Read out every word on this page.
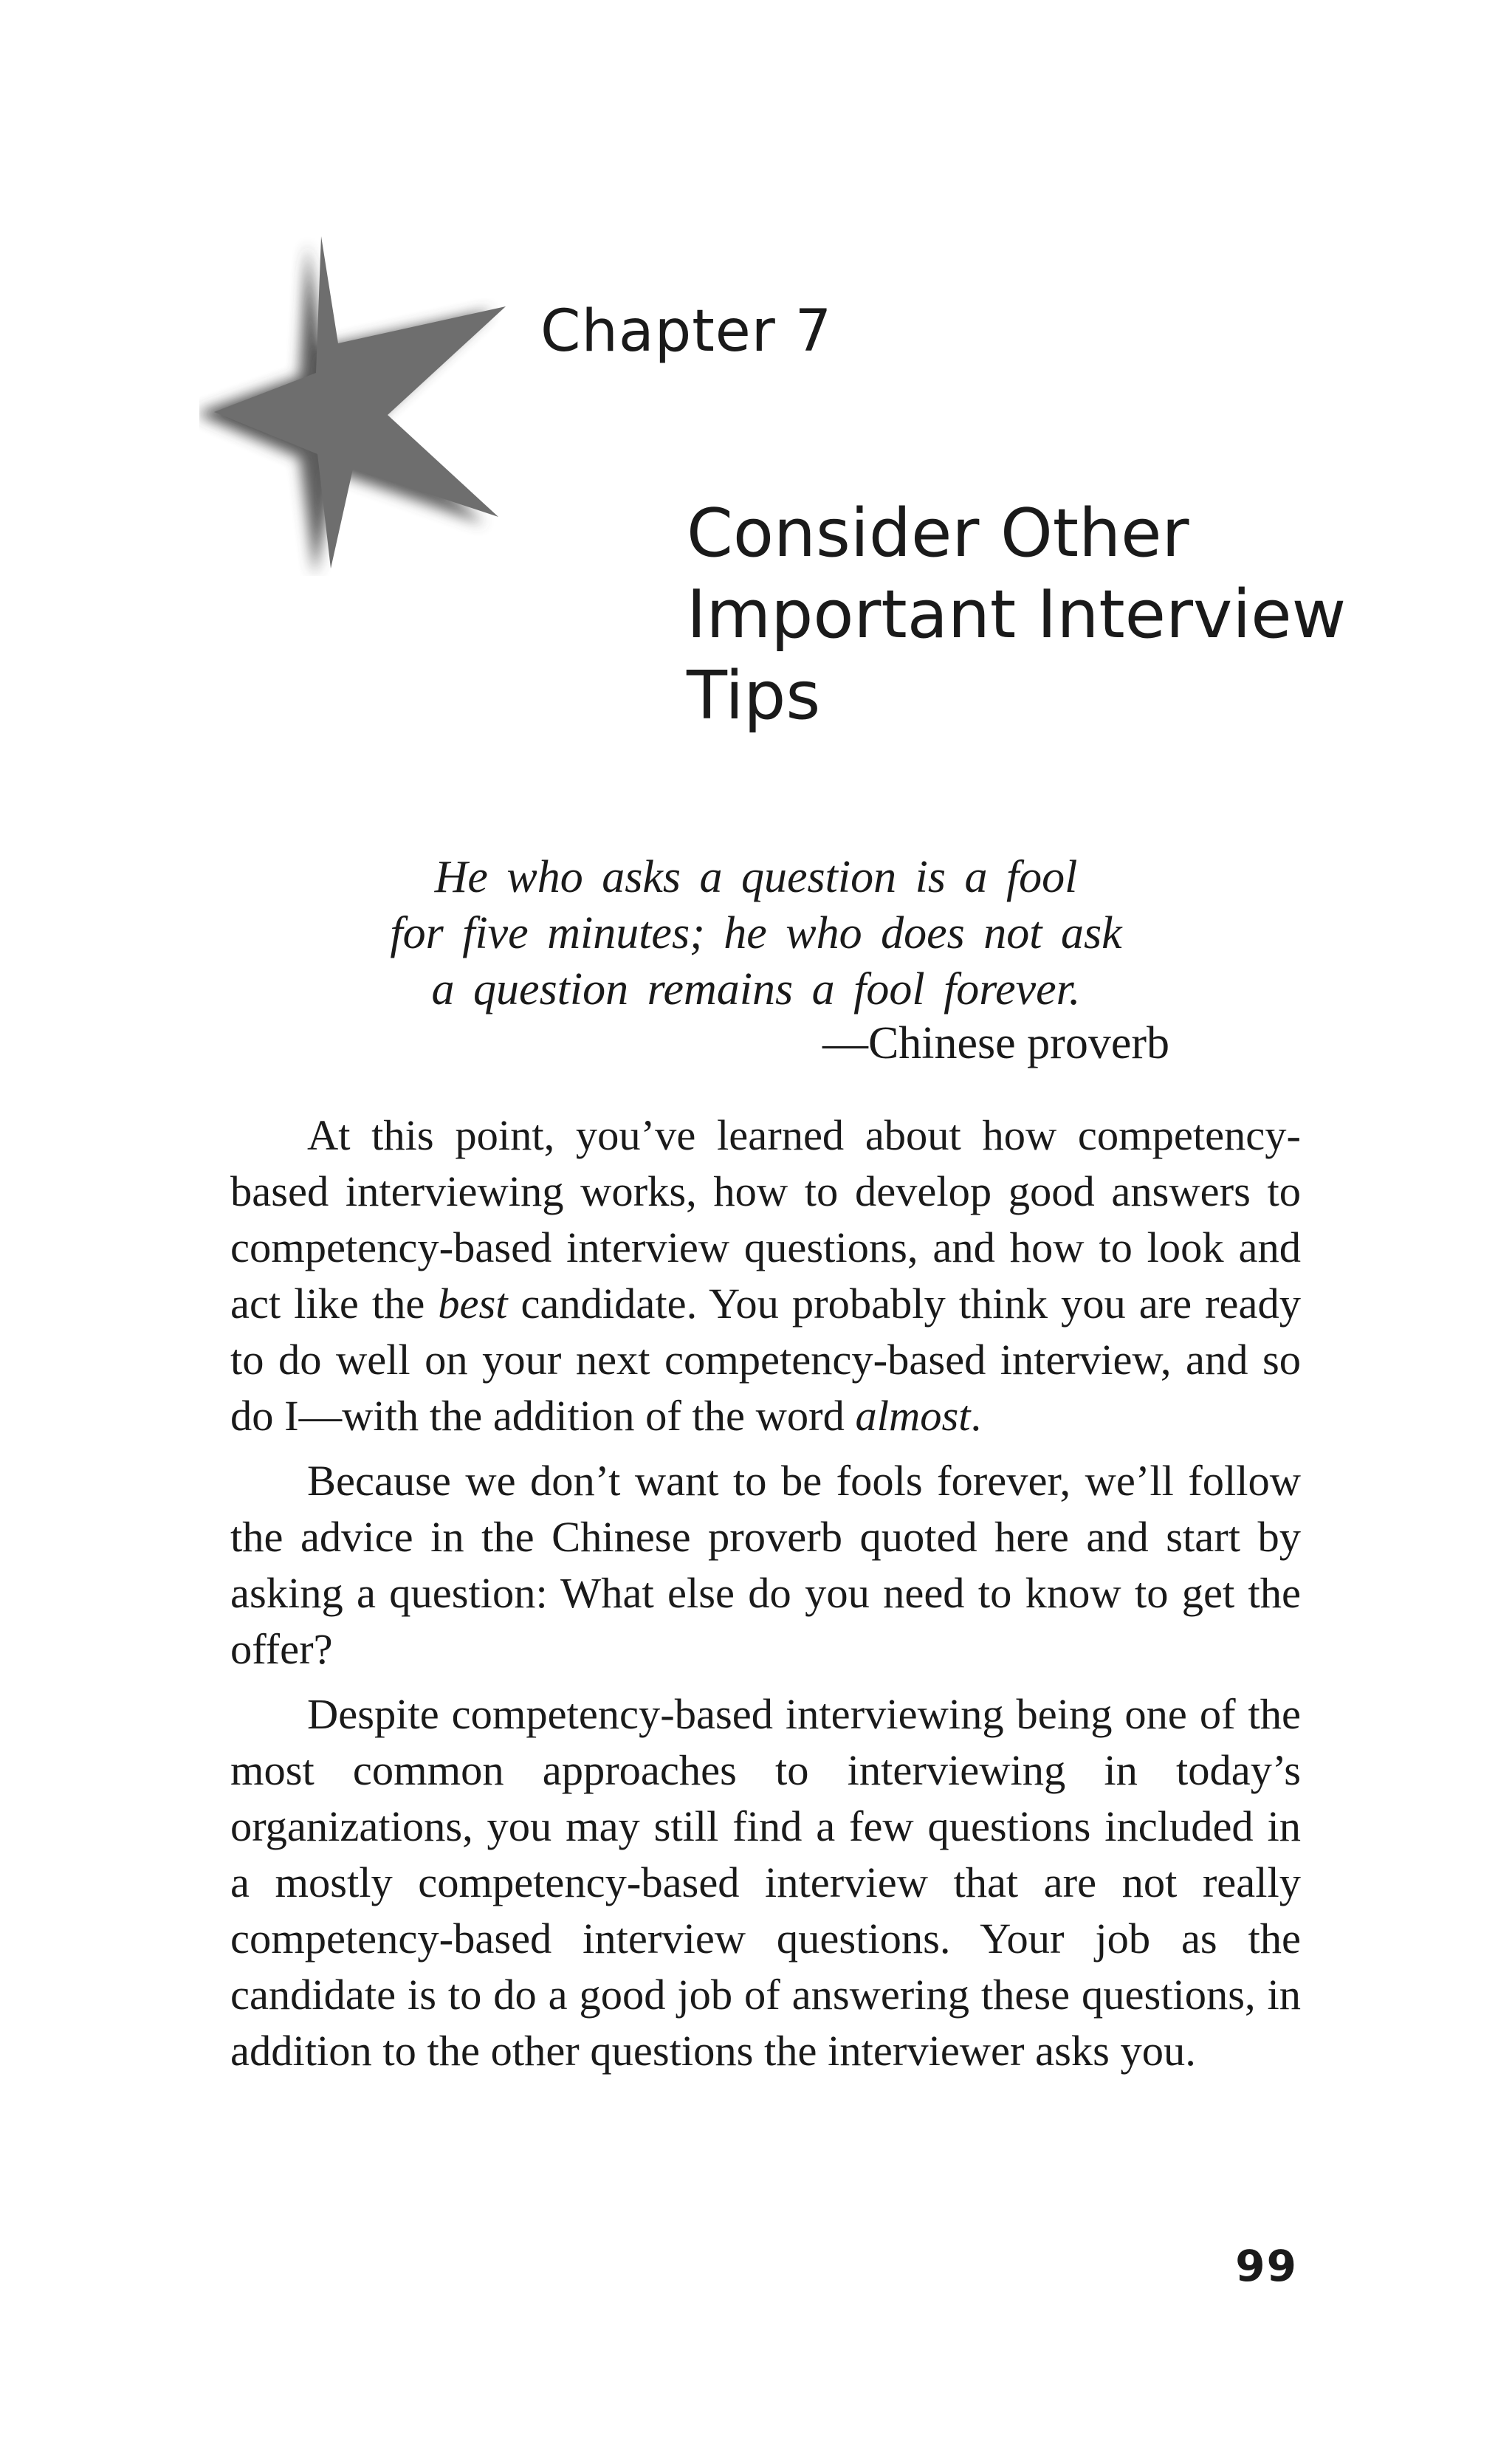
Chapter 7
Consider Other
Important Interview
Tips
He who asks a question is a fool
for five minutes; he who does not ask
a question remains a fool forever.
—Chinese proverb

At this point, you’ve learned about how competency-based interviewing works, how to develop good answers to competency-based interview questions, and how to look and act like the best candidate. You probably think you are ready to do well on your next competency-based interview, and so do I—with the addition of the word almost.

Because we don’t want to be fools forever, we’ll follow the advice in the Chinese proverb quoted here and start by asking a question: What else do you need to know to get the offer?

Despite competency-based interviewing being one of the most common approaches to interviewing in today’s organizations, you may still find a few questions included in a mostly competency-based interview that are not really competency-based interview questions. Your job as the candidate is to do a good job of answering these questions, in addition to the other questions the interviewer asks you.

99
